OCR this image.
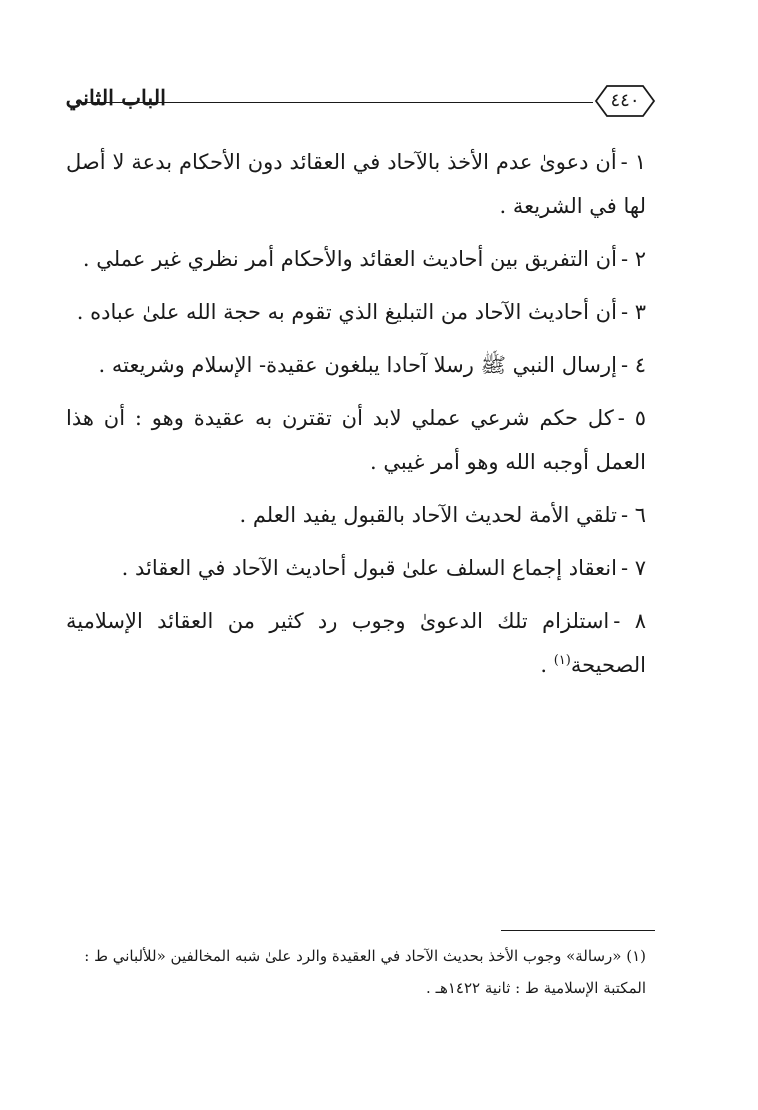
الباب الثاني	٤٤٠
١ -أن دعوىٰ عدم الأخذ بالآحاد في العقائد دون الأحكام بدعة لا أصل لها في الشريعة .
٢ -أن التفريق بين أحاديث العقائد والأحكام أمر نظري غير عملي .
٣ -أن أحاديث الآحاد من التبليغ الذي تقوم به حجة الله علىٰ عباده .
٤ -إرسال النبي ﷺ رسلا آحادا يبلغون عقيدة- الإسلام وشريعته .
٥ -كل حكم شرعي عملي لابد أن تقترن به عقيدة وهو : أن هذا العمل أوجبه الله وهو أمر غيبي .
٦ -تلقي الأمة لحديث الآحاد بالقبول يفيد العلم .
٧ -انعقاد إجماع السلف علىٰ قبول أحاديث الآحاد في العقائد .
٨ -استلزام تلك الدعوىٰ وجوب رد كثير من العقائد الإسلامية الصحيحة$^{(١)}$ .
(١) «رسالة» وجوب الأخذ بحديث الآحاد في العقيدة والرد علىٰ شبه المخالفين «للألباني ط : المكتبة الإسلامية ط : ثانية ١٤٢٢هـ .
